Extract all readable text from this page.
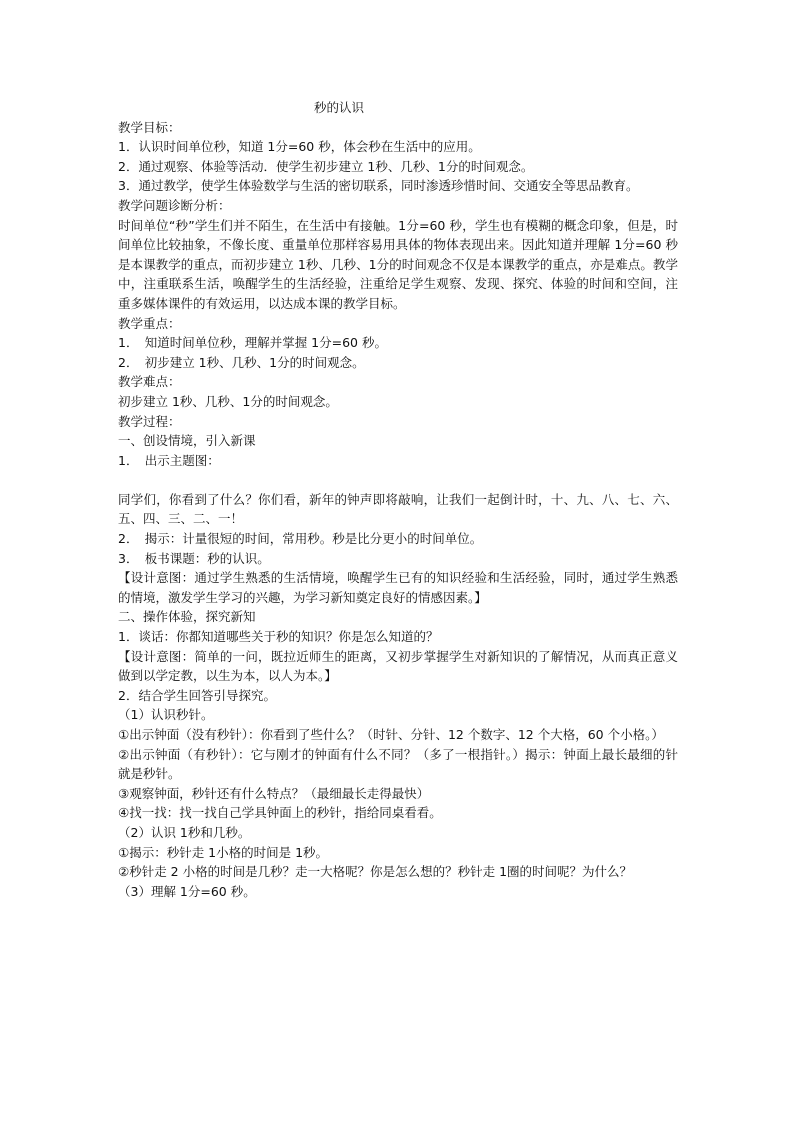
秒的认识

教学目标：

1．认识时间单位秒，知道 1分=60 秒，体会秒在生活中的应用。

2．通过观察、体验等活动．使学生初步建立 1秒、几秒、1分的时间观念。

3．通过教学，使学生体验数学与生活的密切联系，同时渗透珍惜时间、交通安全等思品教育。

教学问题诊断分析：

时间单位“秒”学生们并不陌生，在生活中有接触。1分=60 秒，学生也有模糊的概念印象，但是，时间单位比较抽象，不像长度、重量单位那样容易用具体的物体表现出来。因此知道并理解 1分=60 秒是本课教学的重点，而初步建立 1秒、几秒、1分的时间观念不仅是本课教学的重点，亦是难点。教学中，注重联系生活，唤醒学生的生活经验，注重给足学生观察、发现、探究、体验的时间和空间，注重多媒体课件的有效运用，以达成本课的教学目标。

教学重点：

1．　知道时间单位秒，理解并掌握 1分=60 秒。

2．　初步建立 1秒、几秒、1分的时间观念。

教学难点：

初步建立 1秒、几秒、1分的时间观念。

教学过程：

一、创设情境，引入新课

1．　出示主题图：

同学们，你看到了什么？你们看，新年的钟声即将敲响，让我们一起倒计时，十、九、八、七、六、五、四、三、二、一！

2．　揭示：计量很短的时间，常用秒。秒是比分更小的时间单位。

3．　板书课题：秒的认识。

【设计意图：通过学生熟悉的生活情境，唤醒学生已有的知识经验和生活经验，同时，通过学生熟悉的情境，激发学生学习的兴趣，为学习新知奠定良好的情感因素。】

二、操作体验，探究新知

1．谈话：你都知道哪些关于秒的知识？你是怎么知道的？

【设计意图：简单的一问，既拉近师生的距离，又初步掌握学生对新知识的了解情况，从而真正意义做到以学定教，以生为本，以人为本。】

2．结合学生回答引导探究。

（1）认识秒针。

①出示钟面（没有秒针）：你看到了些什么？（时针、分针、12 个数字、12 个大格，60 个小格。）

②出示钟面（有秒针）：它与刚才的钟面有什么不同？（多了一根指针。）揭示：钟面上最长最细的针就是秒针。

③观察钟面，秒针还有什么特点？（最细最长走得最快）

④找一找：找一找自己学具钟面上的秒针，指给同桌看看。

（2）认识 1秒和几秒。

①揭示：秒针走 1小格的时间是 1秒。

②秒针走 2 小格的时间是几秒？走一大格呢？你是怎么想的？秒针走 1圈的时间呢？为什么？

（3）理解 1分=60 秒。
